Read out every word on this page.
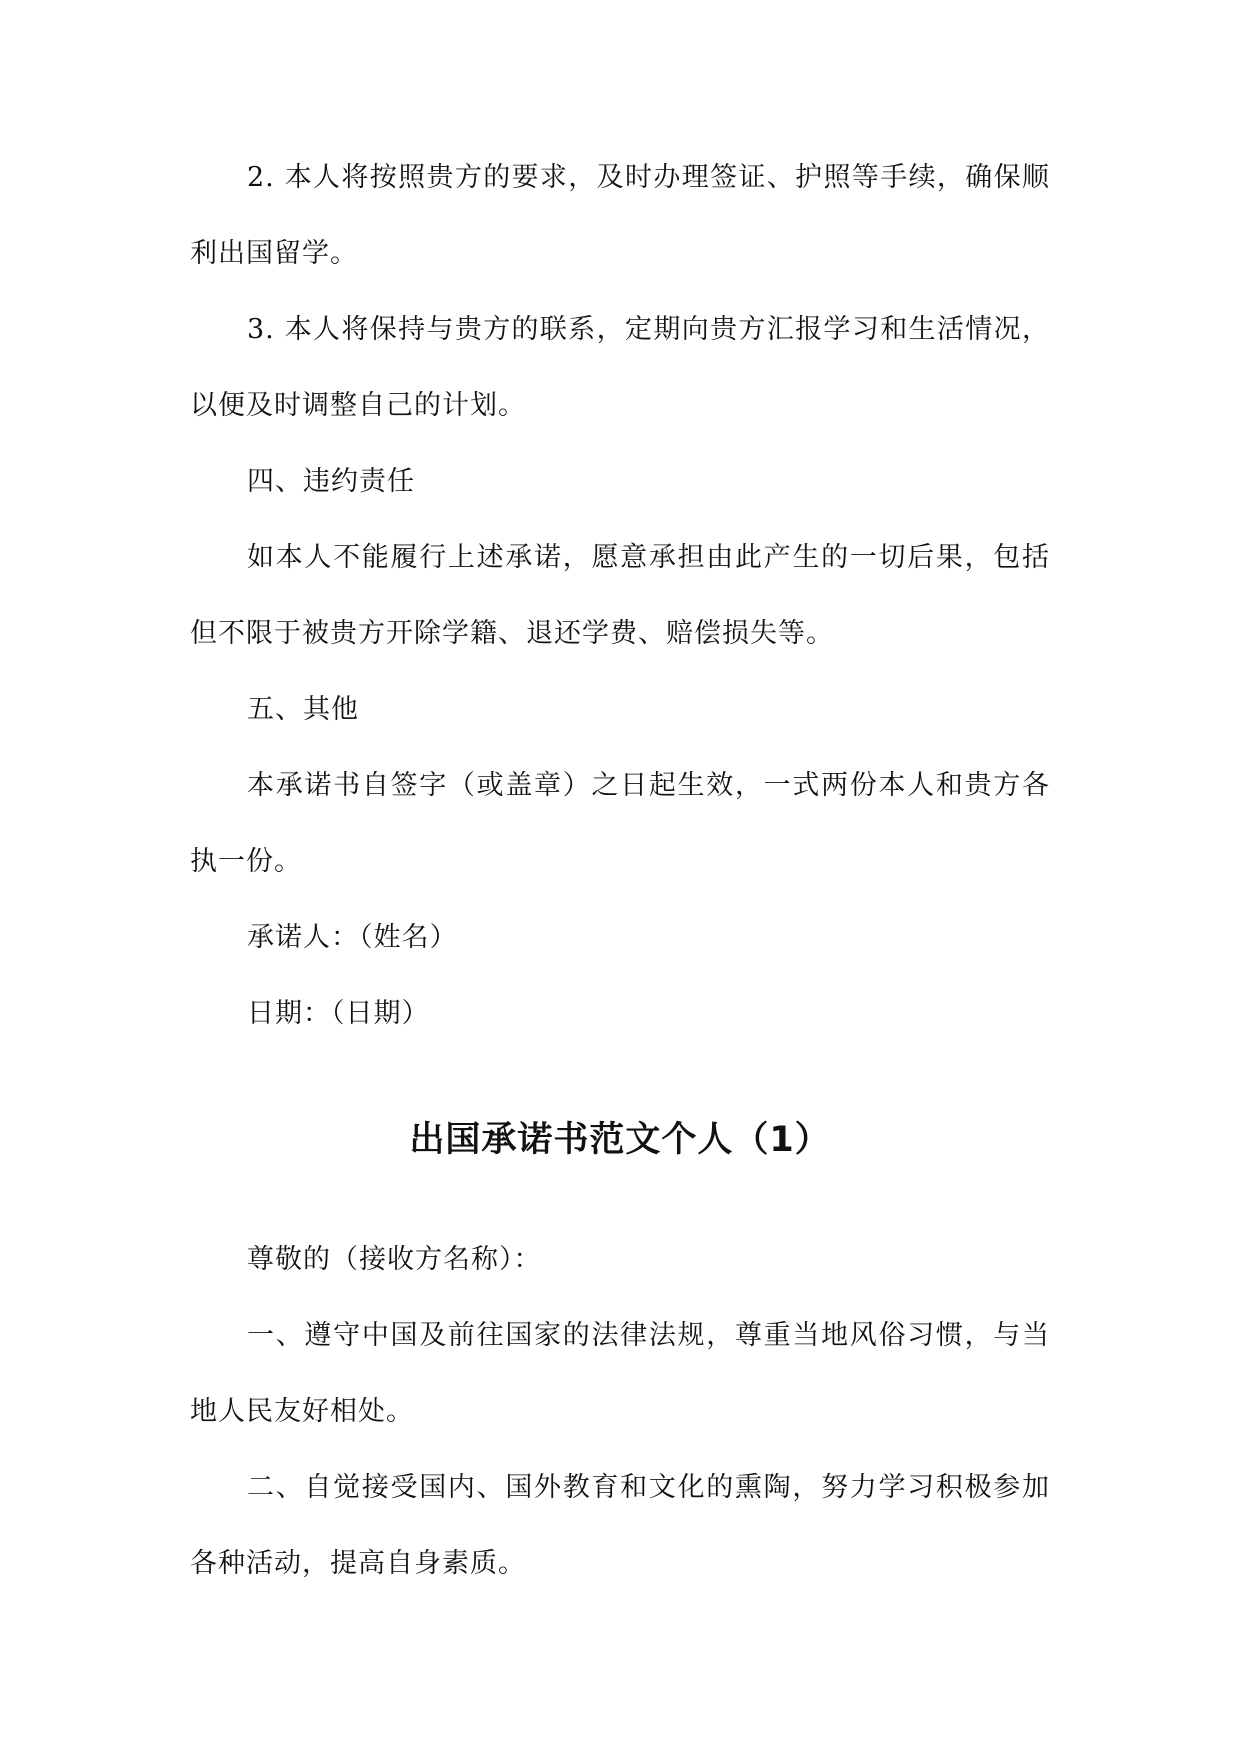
2. 本人将按照贵方的要求，及时办理签证、护照等手续，确保顺利出国留学。

3. 本人将保持与贵方的联系，定期向贵方汇报学习和生活情况，以便及时调整自己的计划。

四、违约责任

如本人不能履行上述承诺，愿意承担由此产生的一切后果，包括但不限于被贵方开除学籍、退还学费、赔偿损失等。

五、其他

本承诺书自签字（或盖章）之日起生效，一式两份本人和贵方各执一份。

承诺人：（姓名）

日期：（日期）

出国承诺书范文个人（1）

尊敬的（接收方名称）：

一、遵守中国及前往国家的法律法规，尊重当地风俗习惯，与当地人民友好相处。

二、自觉接受国内、国外教育和文化的熏陶，努力学习积极参加各种活动，提高自身素质。
